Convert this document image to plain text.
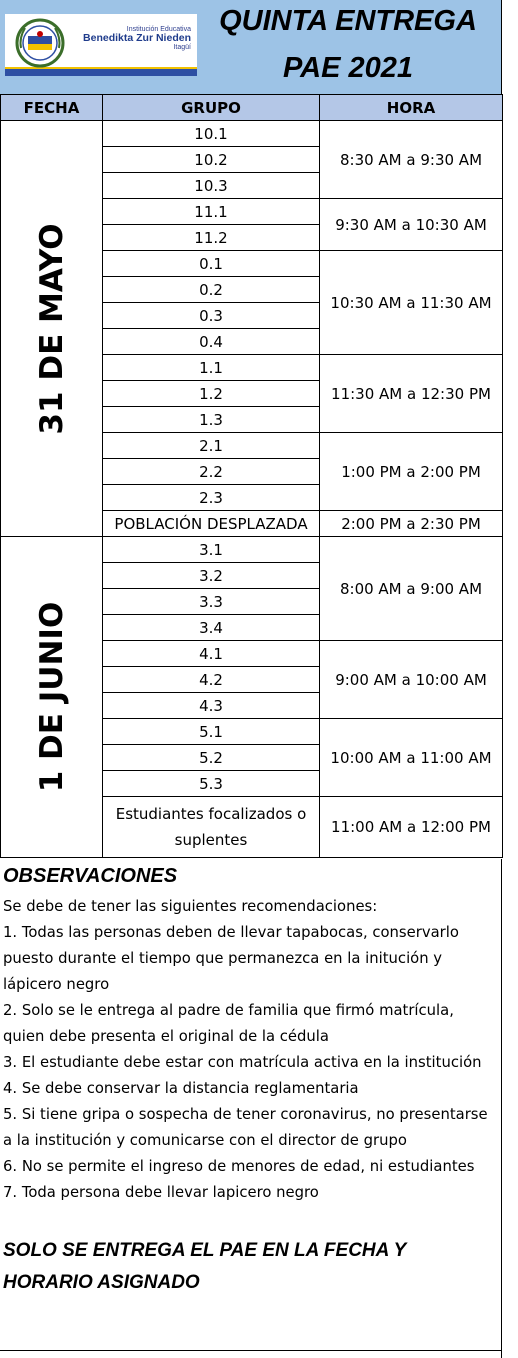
Institución Educativa
Benedikta Zur Nieden
Itagüí
QUINTA ENTREGA
PAE 2021
FECHA	GRUPO	HORA

31 DE MAYO	10.1	8:30 AM a 9:30 AM
	10.2	
	10.3	
	11.1	9:30 AM a 10:30 AM
	11.2	
	0.1	10:30 AM a 11:30 AM
	0.2	
	0.3	
	0.4	
	1.1	11:30 AM a 12:30 PM
	1.2	
	1.3	
	2.1	1:00 PM a 2:00 PM
	2.2	
	2.3	
	POBLACIÓN DESPLAZADA	2:00 PM a 2:30 PM

1 DE JUNIO	3.1	8:00 AM a 9:00 AM
	3.2	
	3.3	
	3.4	
	4.1	9:00 AM a 10:00 AM
	4.2	
	4.3	
	5.1	10:00 AM a 11:00 AM
	5.2	
	5.3	
	Estudiantes focalizados o suplentes	11:00 AM a 12:00 PM
OBSERVACIONES
Se debe de tener las siguientes recomendaciones:
1. Todas las personas deben de llevar tapabocas, conservarlo puesto durante el tiempo que permanezca en la initución y lápicero negro
2. Solo se le entrega al padre de familia que firmó matrícula, quien debe presenta el original de la cédula
3. El estudiante debe estar con matrícula activa en la institución
4. Se debe conservar la distancia reglamentaria
5. Si tiene gripa o sospecha de tener coronavirus, no presentarse a la institución y comunicarse con el director de grupo
6. No se permite el ingreso de menores de edad, ni estudiantes
7. Toda persona debe llevar lapicero negro
SOLO SE ENTREGA EL PAE EN LA FECHA Y HORARIO ASIGNADO
